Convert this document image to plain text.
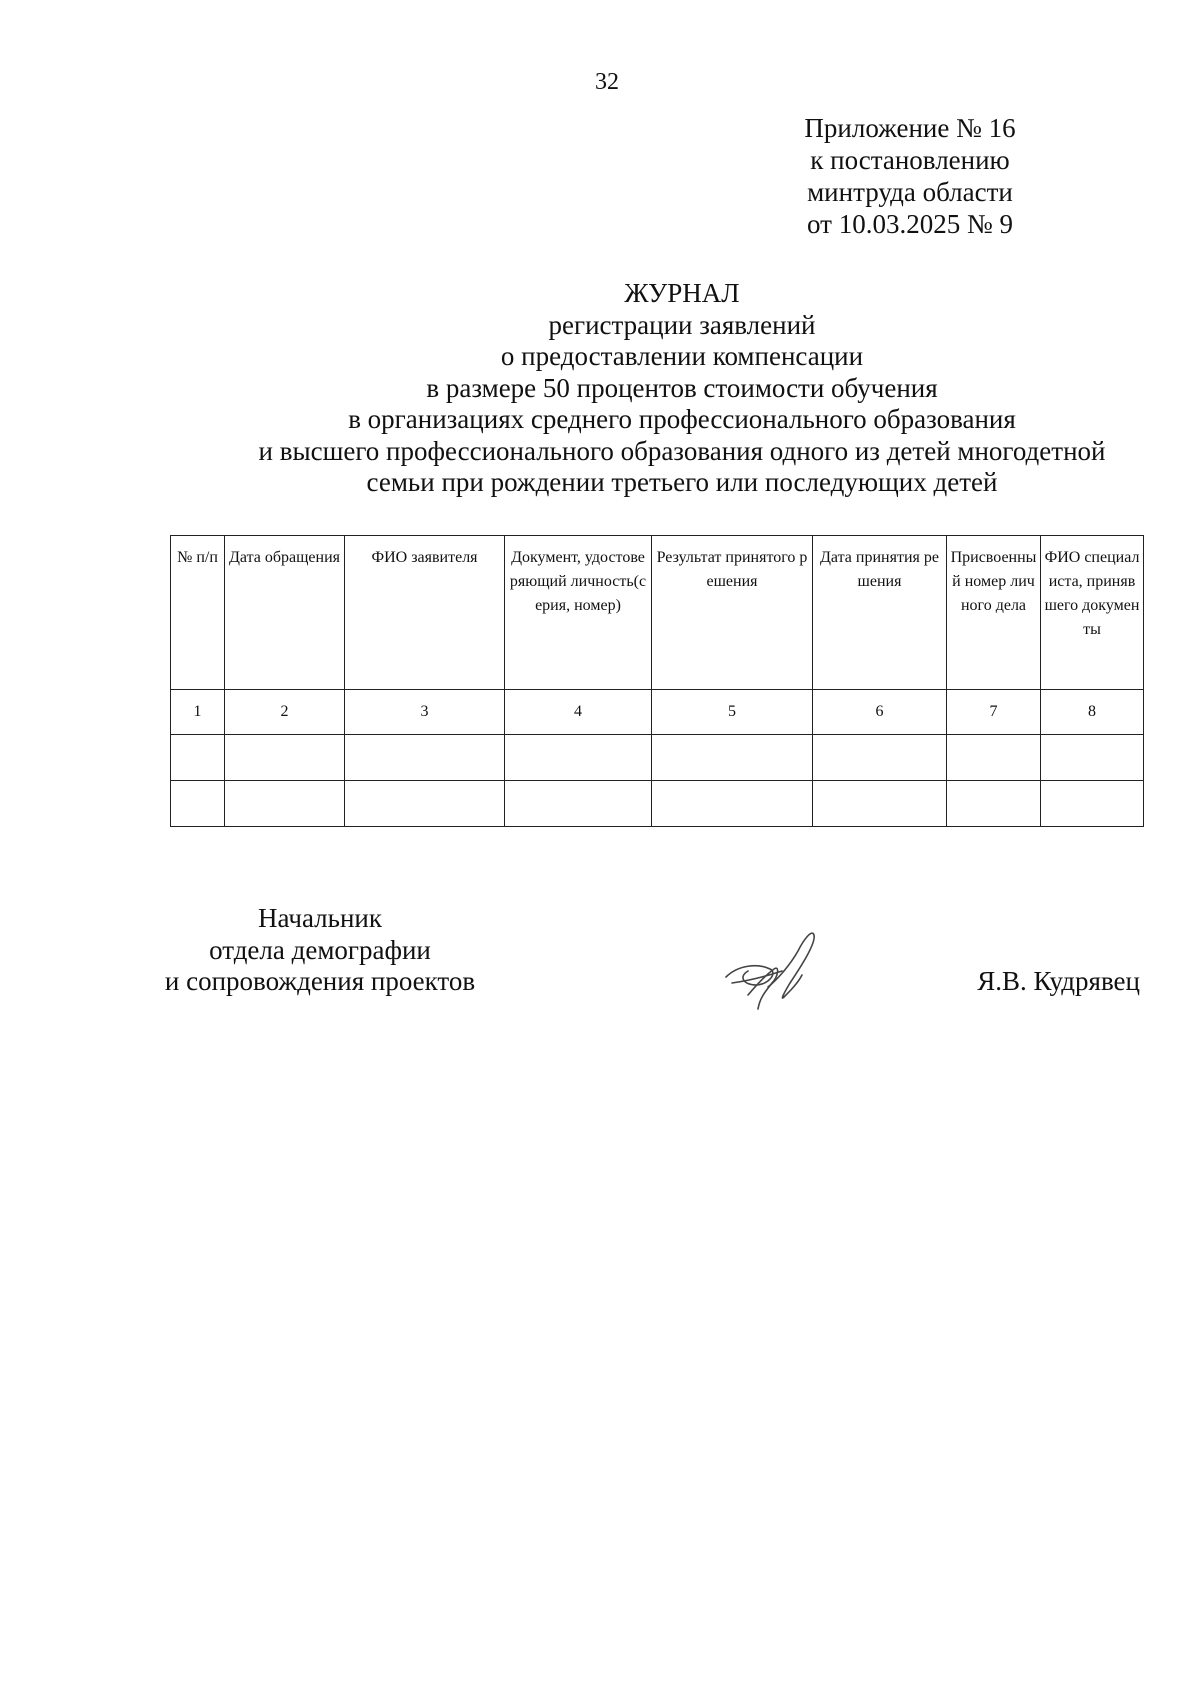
32
Приложение № 16
к постановлению
минтруда области
от 10.03.2025 № 9
ЖУРНАЛ
регистрации заявлений
о предоставлении компенсации
в размере 50 процентов стоимости обучения
в организациях среднего профессионального образования
и высшего профессионального образования одного из детей многодетной
семьи при рождении третьего или последующих детей
№ п/п	Дата обращения	ФИО заявителя	Документ, удостоверяющий личность(серия, номер)	Результат принятого решения	Дата принятия решения	Присвоенный номер личного дела	ФИО специалиста, принявшего документы
1	2	3	4	5	6	7	8

Начальник
отдела демографии
и сопровождения проектов	Я.В. Кудрявец
